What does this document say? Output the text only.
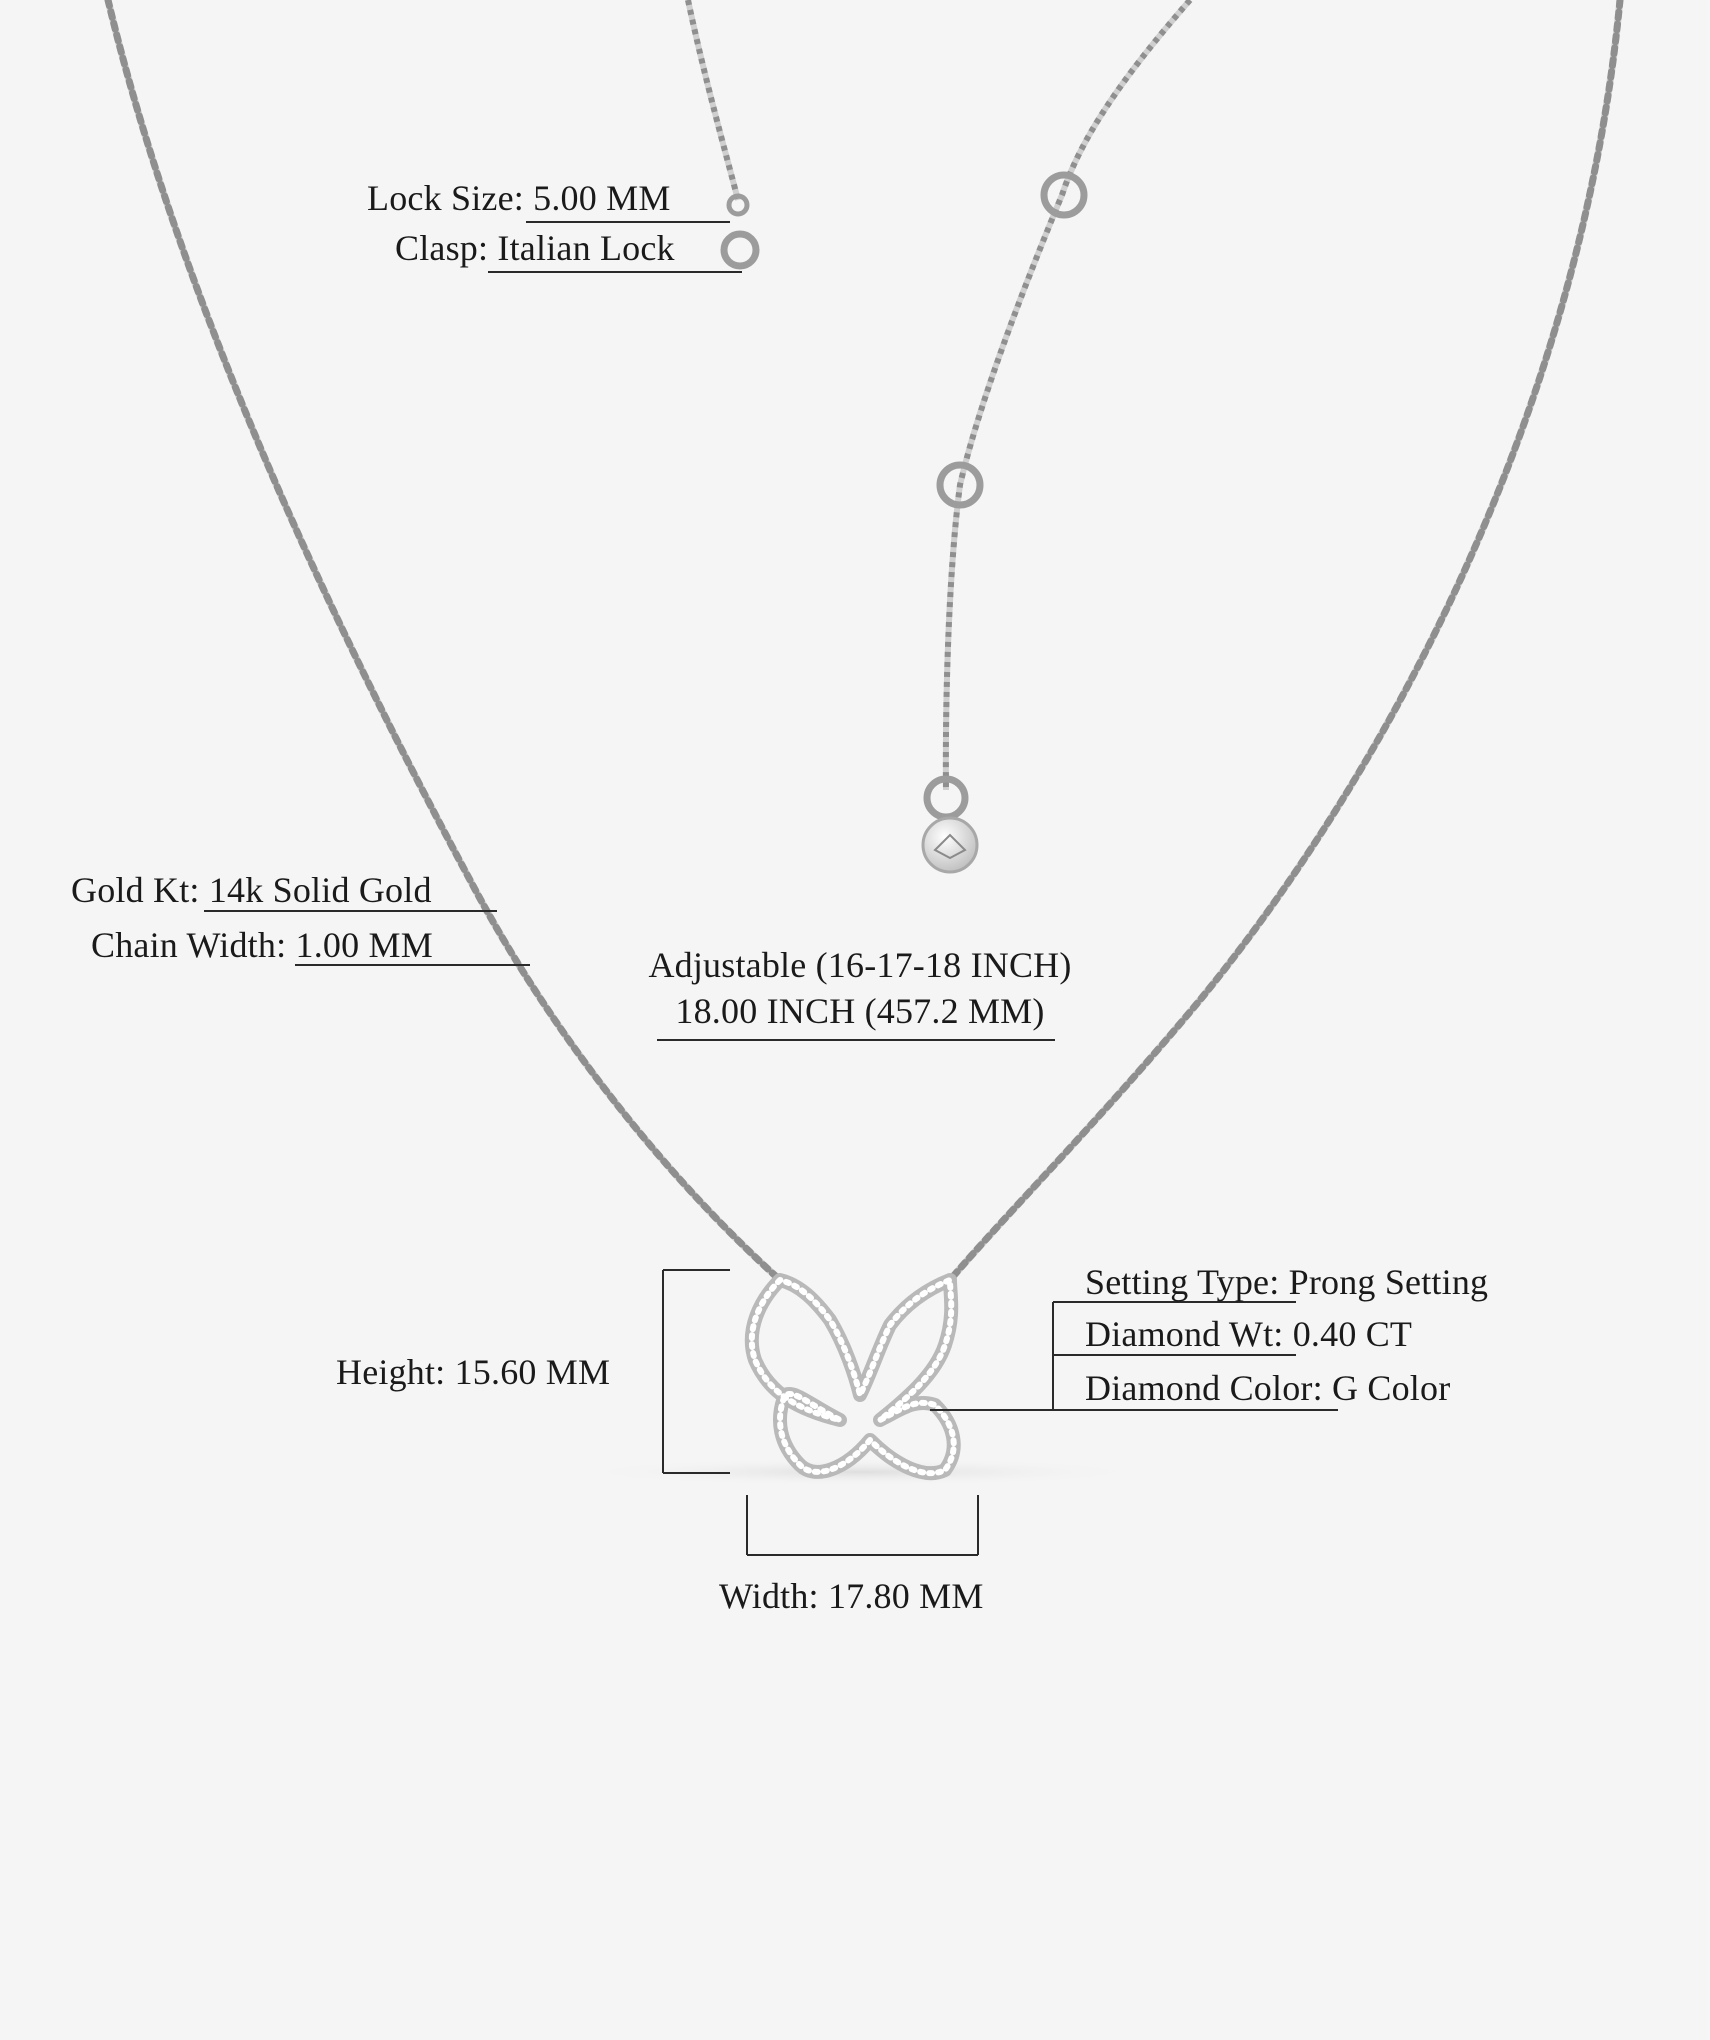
Lock Size: 5.00 MM
Clasp: Italian Lock
Gold Kt: 14k Solid Gold
Chain Width: 1.00 MM	Adjustable (16-17-18 INCH)
18.00 INCH (457.2 MM)
Setting Type: Prong Setting
Diamond Wt: 0.40 CT
Diamond Color: G Color
Height: 15.60 MM
Width: 17.80 MM
